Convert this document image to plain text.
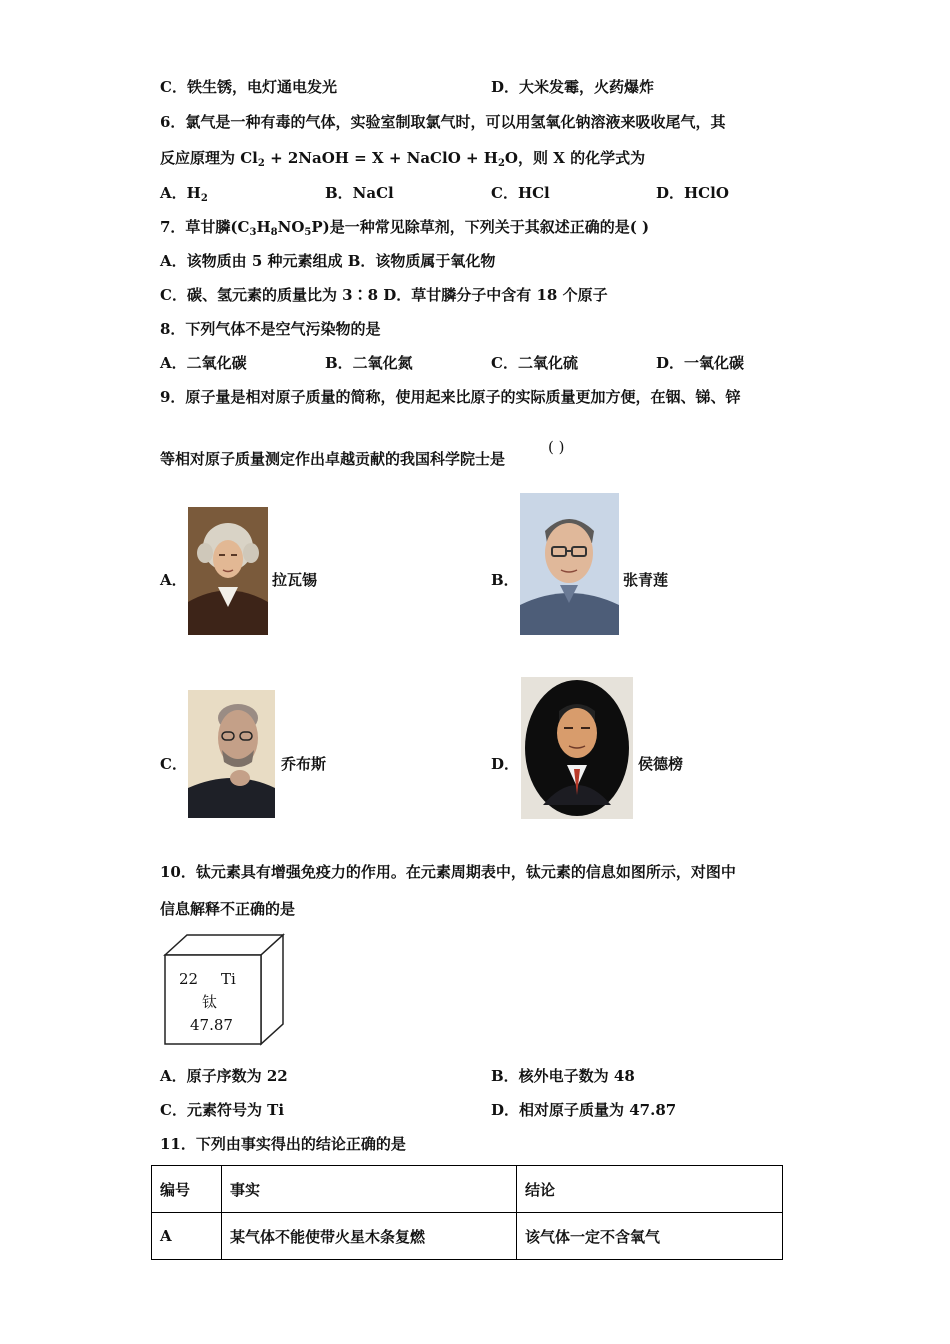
C．铁生锈，电灯通电发光	D．大米发霉，火药爆炸
6．氯气是一种有毒的气体，实验室制取氯气时，可以用氢氧化钠溶液来吸收尾气，其
反应原理为 $Cl_2$ + 2NaOH = X + NaClO + $H_2O$，则 X 的化学式为
A．$H_2$	B．NaCl	C．HCl	D．HClO
7．草甘膦$(C_3H_8NO_5P)$是一种常见除草剂，下列关于其叙述正确的是( )
A．该物质由 5 种元素组成 B．该物质属于氧化物
C．碳、氢元素的质量比为 3∶8 D．草甘膦分子中含有 18 个原子
8．下列气体不是空气污染物的是
A．二氧化碳	B．二氧化氮	C．二氧化硫	D．一氧化碳
9．原子量是相对原子质量的简称，使用起来比原子的实际质量更加方便，在铟、锑、锌
等相对原子质量测定作出卓越贡献的我国科学院士是
( )
A．	拉瓦锡	B．	张青莲
C．	乔布斯	D．	侯德榜
10．钛元素具有增强免疫力的作用。在元素周期表中，钛元素的信息如图所示，对图中
信息解释不正确的是
22 Ti
钛
47.87
A．原子序数为 22	B．核外电子数为 48
C．元素符号为 Ti	D．相对原子质量为 47.87
11．下列由事实得出的结论正确的是
编号	事实	结论
A	某气体不能使带火星木条复燃	该气体一定不含氧气
